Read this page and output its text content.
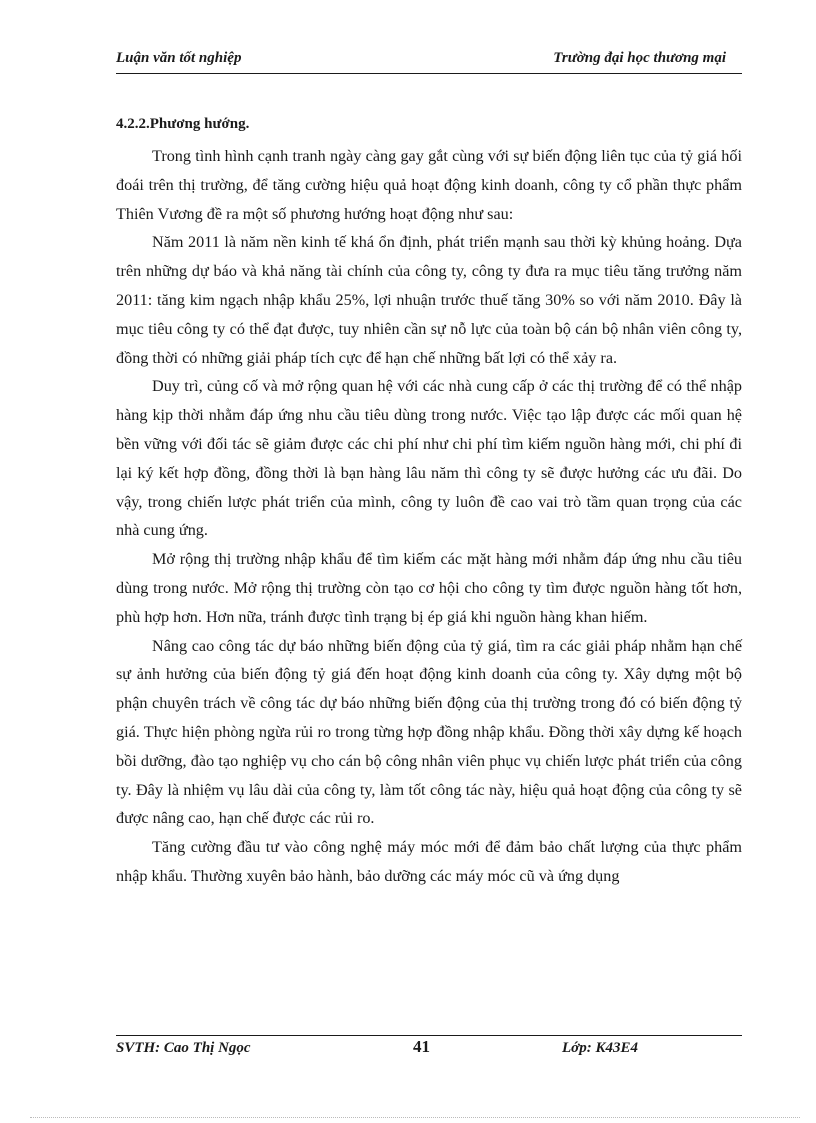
Luận văn tốt nghiệp	Trường đại học thương mại
4.2.2.Phương hướng.

Trong tình hình cạnh tranh ngày càng gay gắt cùng với sự biến động liên tục của tỷ giá hối đoái trên thị trường, để tăng cường hiệu quả hoạt động kinh doanh, công ty cổ phần thực phẩm Thiên Vương đề ra một số phương hướng hoạt động như sau:

Năm 2011 là năm nền kinh tế khá ổn định, phát triển mạnh sau thời kỳ khủng hoảng. Dựa trên những dự báo và khả năng tài chính của công ty, công ty đưa ra mục tiêu tăng trưởng năm 2011: tăng kim ngạch nhập khẩu 25%, lợi nhuận trước thuế tăng 30% so với năm 2010. Đây là mục tiêu công ty có thể đạt được, tuy nhiên cần sự nỗ lực của toàn bộ cán bộ nhân viên công ty, đồng thời có những giải pháp tích cực để hạn chế những bất lợi có thể xảy ra.

Duy trì, củng cố và mở rộng quan hệ với các nhà cung cấp ở các thị trường để có thể nhập hàng kịp thời nhằm đáp ứng nhu cầu tiêu dùng trong nước. Việc tạo lập được các mối quan hệ bền vững với đối tác sẽ giảm được các chi phí như chi phí tìm kiếm nguồn hàng mới, chi phí đi lại ký kết hợp đồng, đồng thời là bạn hàng lâu năm thì công ty sẽ được hưởng các ưu đãi. Do vậy, trong chiến lược phát triển của mình, công ty luôn đề cao vai trò tầm quan trọng của các nhà cung ứng.

Mở rộng thị trường nhập khẩu để tìm kiếm các mặt hàng mới nhằm đáp ứng nhu cầu tiêu dùng trong nước. Mở rộng thị trường còn tạo cơ hội cho công ty tìm được nguồn hàng tốt hơn, phù hợp hơn. Hơn nữa, tránh được tình trạng bị ép giá khi nguồn hàng khan hiếm.

Nâng cao công tác dự báo những biến động của tỷ giá, tìm ra các giải pháp nhằm hạn chế sự ảnh hưởng của biến động tỷ giá đến hoạt động kinh doanh của công ty. Xây dựng một bộ phận chuyên trách về công tác dự báo những biến động của thị trường trong đó có biến động tỷ giá. Thực hiện phòng ngừa rủi ro trong từng hợp đồng nhập khẩu. Đồng thời xây dựng kế hoạch bồi dưỡng, đào tạo nghiệp vụ cho cán bộ công nhân viên phục vụ chiến lược phát triển của công ty. Đây là nhiệm vụ lâu dài của công ty, làm tốt công tác này, hiệu quả hoạt động của công ty sẽ được nâng cao, hạn chế được các rủi ro.

Tăng cường đầu tư vào công nghệ máy móc mới để đảm bảo chất lượng của thực phẩm nhập khẩu. Thường xuyên bảo hành, bảo dưỡng các máy móc cũ và ứng dụng

SVTH: Cao Thị Ngọc	41	Lớp: K43E4
